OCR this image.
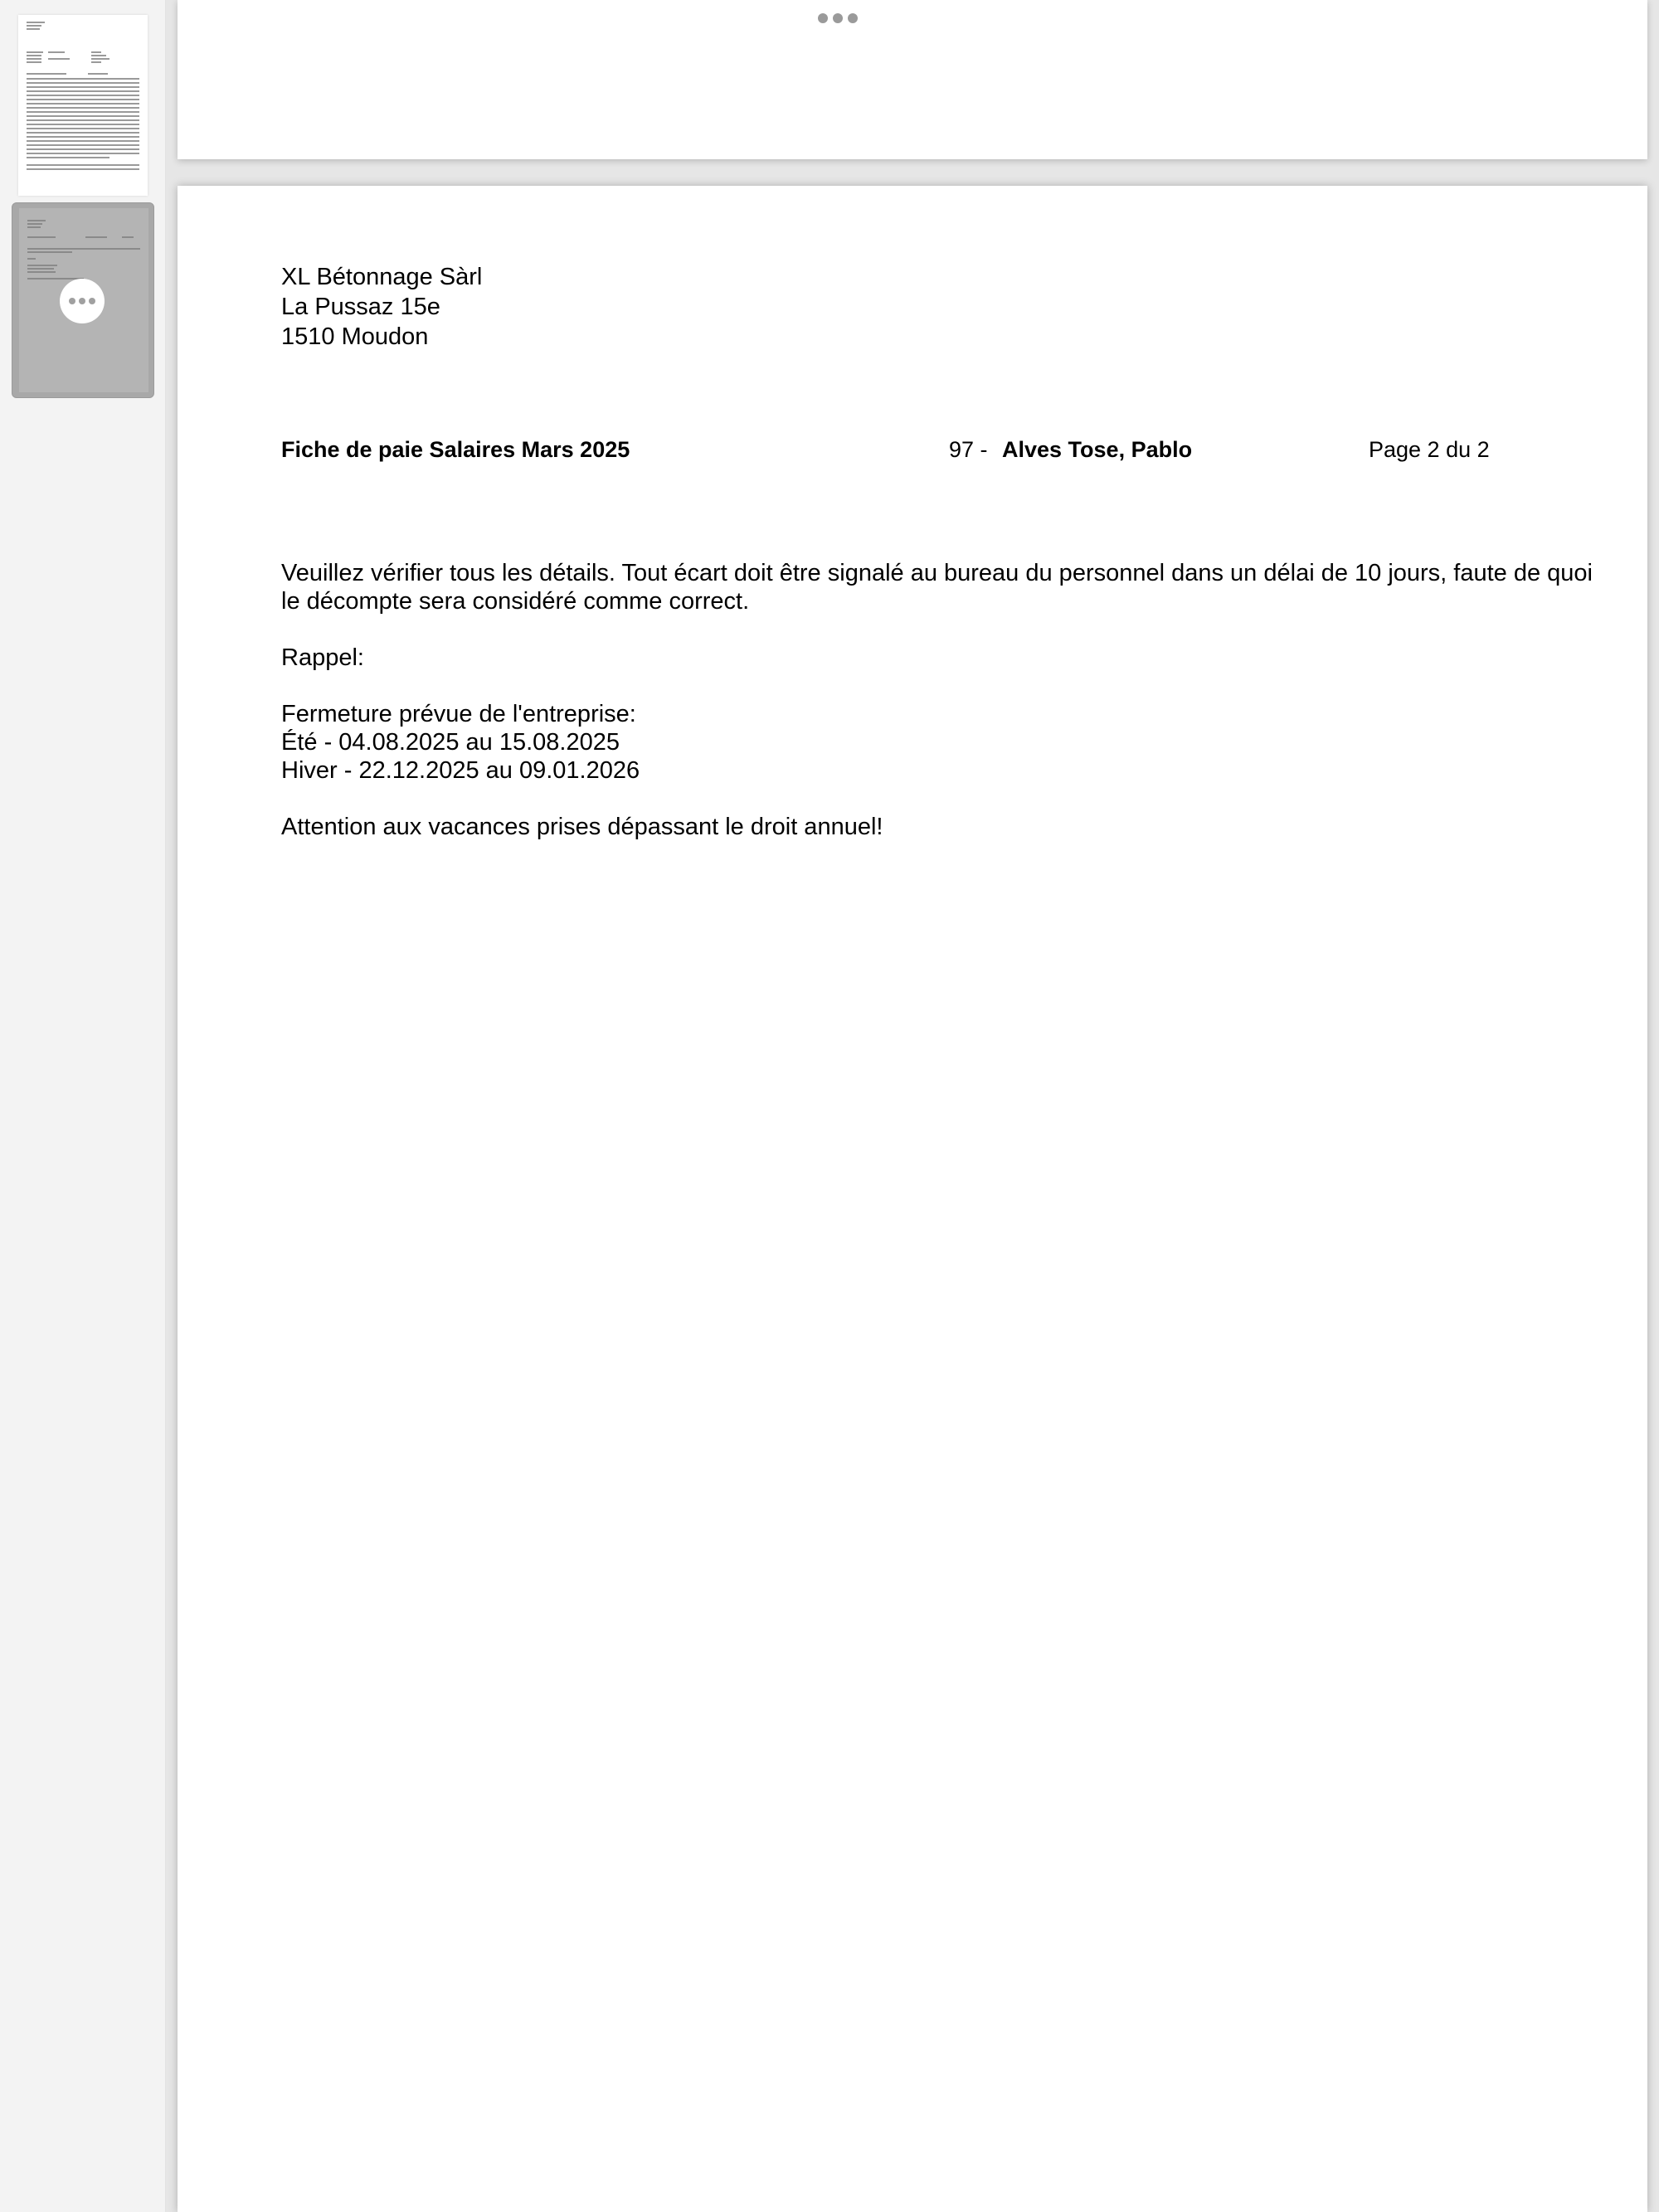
XL Bétonnage Sàrl
La Pussaz 15e
1510 Moudon
Fiche de paie Salaires Mars 2025	97 - Alves Tose, Pablo	Page 2 du 2

Veuillez vérifier tous les détails. Tout écart doit être signalé au bureau du personnel dans un délai de 10 jours, faute de quoi le décompte sera considéré comme correct.

Rappel:

Fermeture prévue de l'entreprise:

Été - 04.08.2025 au 15.08.2025

Hiver - 22.12.2025 au 09.01.2026

Attention aux vacances prises dépassant le droit annuel!
